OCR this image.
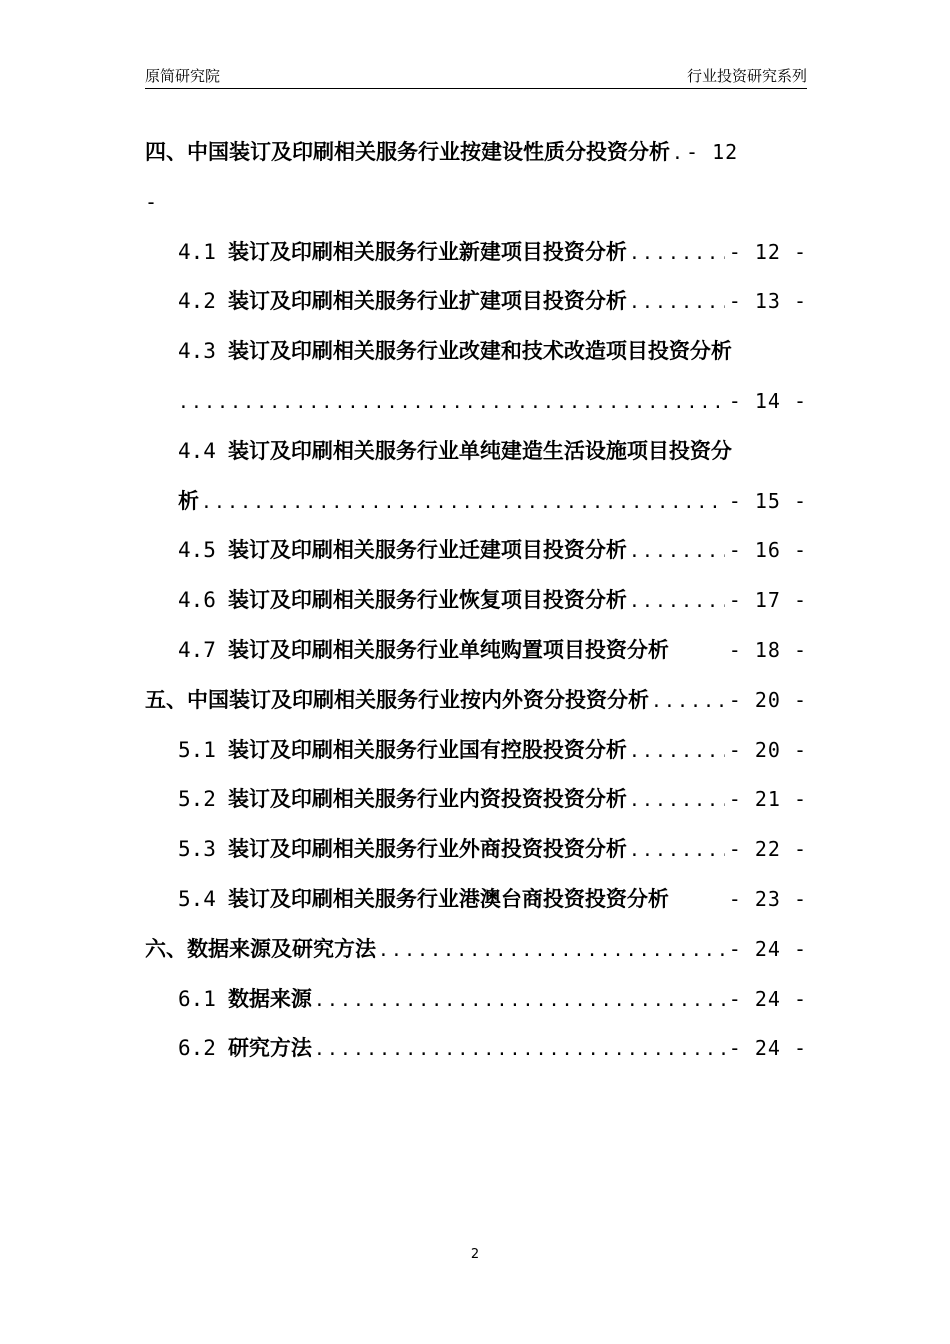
原简研究院	行业投资研究系列
四、中国装订及印刷相关服务行业按建设性质分投资分析 ..... - 12
-
4.1 装订及印刷相关服务行业新建项目投资分析 .....	- 12 -
4.2 装订及印刷相关服务行业扩建项目投资分析 .....	- 13 -
4.3 装订及印刷相关服务行业改建和技术改造项目投资分析
.....
- 14 -
4.4 装订及印刷相关服务行业单纯建造生活设施项目投资分
析 .....	- 15 -
4.5 装订及印刷相关服务行业迁建项目投资分析 .....	- 16 -
4.6 装订及印刷相关服务行业恢复项目投资分析 .....	- 17 -
4.7 装订及印刷相关服务行业单纯购置项目投资分析	- 18 -
五、中国装订及印刷相关服务行业按内外资分投资分析 .....	- 20 -
5.1 装订及印刷相关服务行业国有控股投资分析 .....	- 20 -
5.2 装订及印刷相关服务行业内资投资投资分析 .....	- 21 -
5.3 装订及印刷相关服务行业外商投资投资分析 .....	- 22 -
5.4 装订及印刷相关服务行业港澳台商投资投资分析	- 23 -
六、数据来源及研究方法 .....	- 24 -
6.1 数据来源 .....	- 24 -
6.2 研究方法 .....	- 24 -
2
